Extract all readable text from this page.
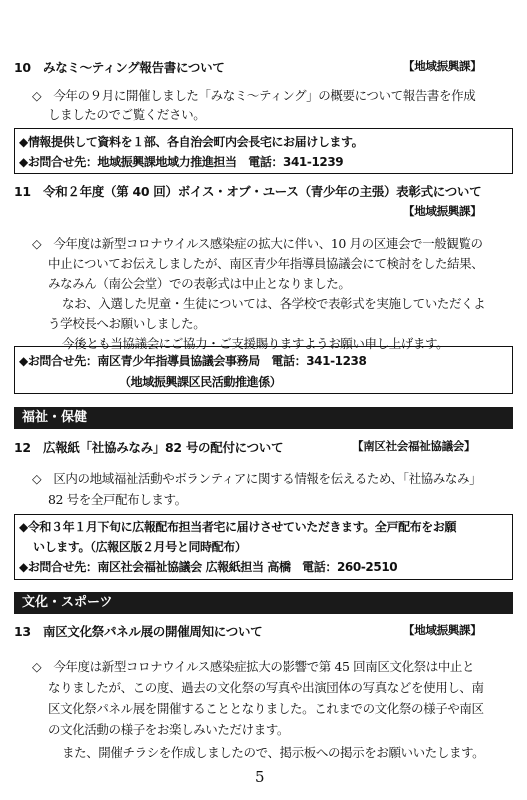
10　みなミ～ティング報告書について	【地域振興課】
◇　今年の９月に開催しました「みなミ～ティング」の概要について報告書を作成
しましたのでご覧ください。
◆情報提供して資料を１部、各自治会町内会長宅にお届けします。
◆お問合せ先：地域振興課地域力推進担当　電話：341-1239
11　令和２年度（第 40 回）ボイス・オブ・ユース（青少年の主張）表彰式について
【地域振興課】
◇　今年度は新型コロナウイルス感染症の拡大に伴い、10 月の区連会で一般観覧の
中止についてお伝えしましたが、南区青少年指導員協議会にて検討をした結果、
みなみん（南公会堂）での表彰式は中止となりました。
なお、入選した児童・生徒については、各学校で表彰式を実施していただくよ
う学校長へお願いしました。
今後とも当協議会にご協力・ご支援賜りますようお願い申し上げます。
◆お問合せ先：南区青少年指導員協議会事務局　電話：341-1238
（地域振興課区民活動推進係）
福祉・保健
12　広報紙「社協みなみ」82 号の配付について	【南区社会福祉協議会】
◇　区内の地域福祉活動やボランティアに関する情報を伝えるため、「社協みなみ」
82 号を全戸配布します。
◆令和３年１月下旬に広報配布担当者宅に届けさせていただきます。全戸配布をお願
いします。（広報区版２月号と同時配布）
◆お問合せ先：南区社会福祉協議会 広報紙担当 高橋　電話：260-2510
文化・スポーツ
13　南区文化祭パネル展の開催周知について	【地域振興課】
◇　今年度は新型コロナウイルス感染症拡大の影響で第 45 回南区文化祭は中止と
なりましたが、この度、過去の文化祭の写真や出演団体の写真などを使用し、南
区文化祭パネル展を開催することとなりました。これまでの文化祭の様子や南区
の文化活動の様子をお楽しみいただけます。
また、開催チラシを作成しましたので、掲示板への掲示をお願いいたします。
5
